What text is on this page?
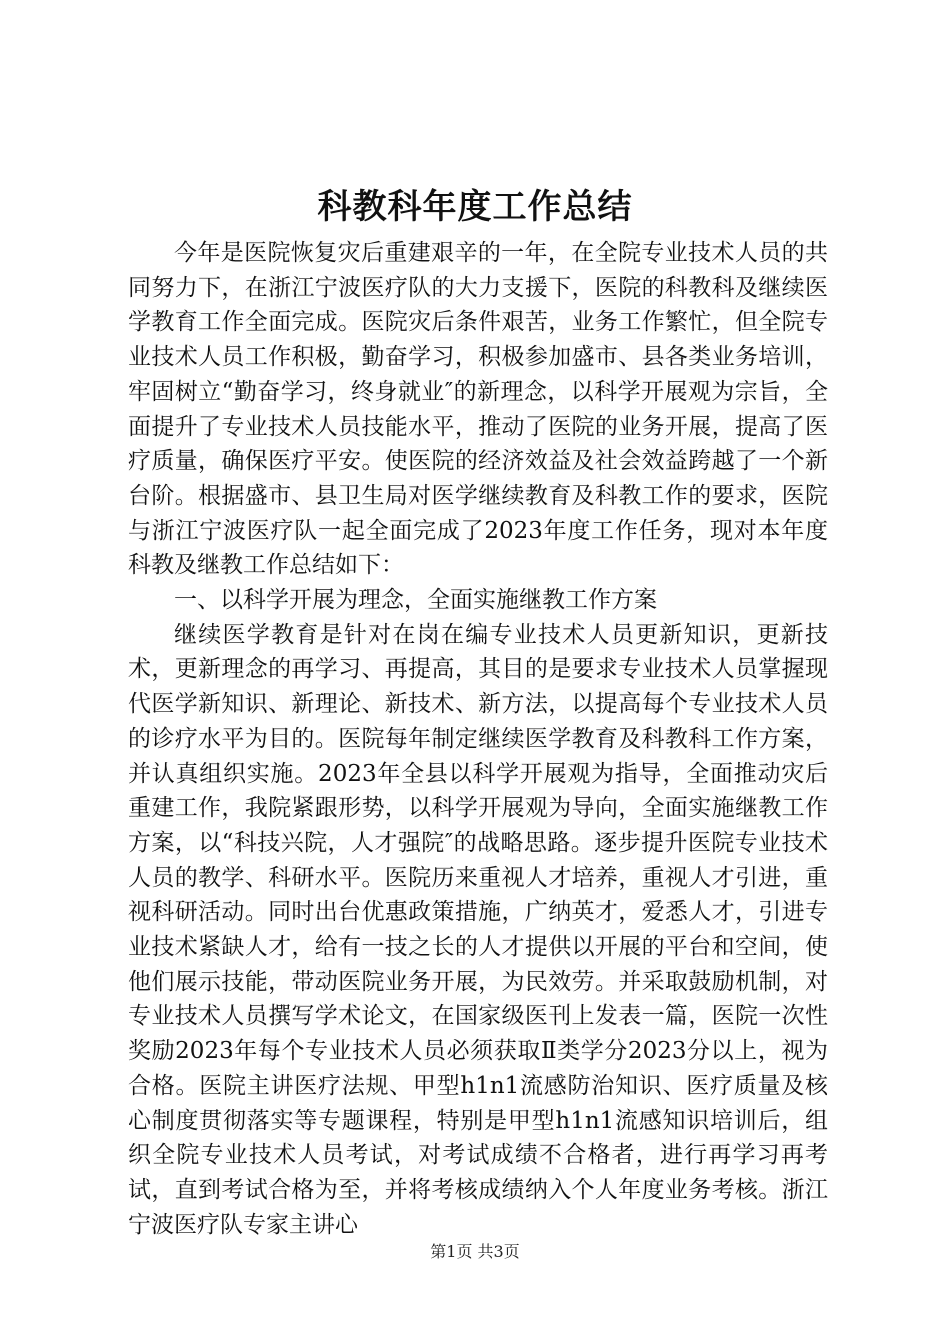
科教科年度工作总结

今年是医院恢复灾后重建艰辛的一年，在全院专业技术人员的共同努力下，在浙江宁波医疗队的大力支援下，医院的科教科及继续医学教育工作全面完成。医院灾后条件艰苦，业务工作繁忙，但全院专业技术人员工作积极，勤奋学习，积极参加盛市、县各类业务培训，牢固树立“勤奋学习，终身就业″的新理念，以科学开展观为宗旨，全面提升了专业技术人员技能水平，推动了医院的业务开展，提高了医疗质量，确保医疗平安。使医院的经济效益及社会效益跨越了一个新台阶。根据盛市、县卫生局对医学继续教育及科教工作的要求，医院与浙江宁波医疗队一起全面完成了2023年度工作任务，现对本年度科教及继教工作总结如下：

一、以科学开展为理念，全面实施继教工作方案

继续医学教育是针对在岗在编专业技术人员更新知识，更新技术，更新理念的再学习、再提高，其目的是要求专业技术人员掌握现代医学新知识、新理论、新技术、新方法，以提高每个专业技术人员的诊疗水平为目的。医院每年制定继续医学教育及科教科工作方案，并认真组织实施。2023年全县以科学开展观为指导，全面推动灾后重建工作，我院紧跟形势，以科学开展观为导向，全面实施继教工作方案，以“科技兴院，人才强院″的战略思路。逐步提升医院专业技术人员的教学、科研水平。医院历来重视人才培养，重视人才引进，重视科研活动。同时出台优惠政策措施，广纳英才，爱悉人才，引进专业技术紧缺人才，给有一技之长的人才提供以开展的平台和空间，使他们展示技能，带动医院业务开展，为民效劳。并采取鼓励机制，对专业技术人员撰写学术论文，在国家级医刊上发表一篇，医院一次性奖励2023年每个专业技术人员必须获取Ⅱ类学分2023分以上，视为合格。医院主讲医疗法规、甲型h1n1流感防治知识、医疗质量及核心制度贯彻落实等专题课程，特别是甲型h1n1流感知识培训后，组织全院专业技术人员考试，对考试成绩不合格者，进行再学习再考试，直到考试合格为至，并将考核成绩纳入个人年度业务考核。浙江宁波医疗队专家主讲心

第1页 共3页
